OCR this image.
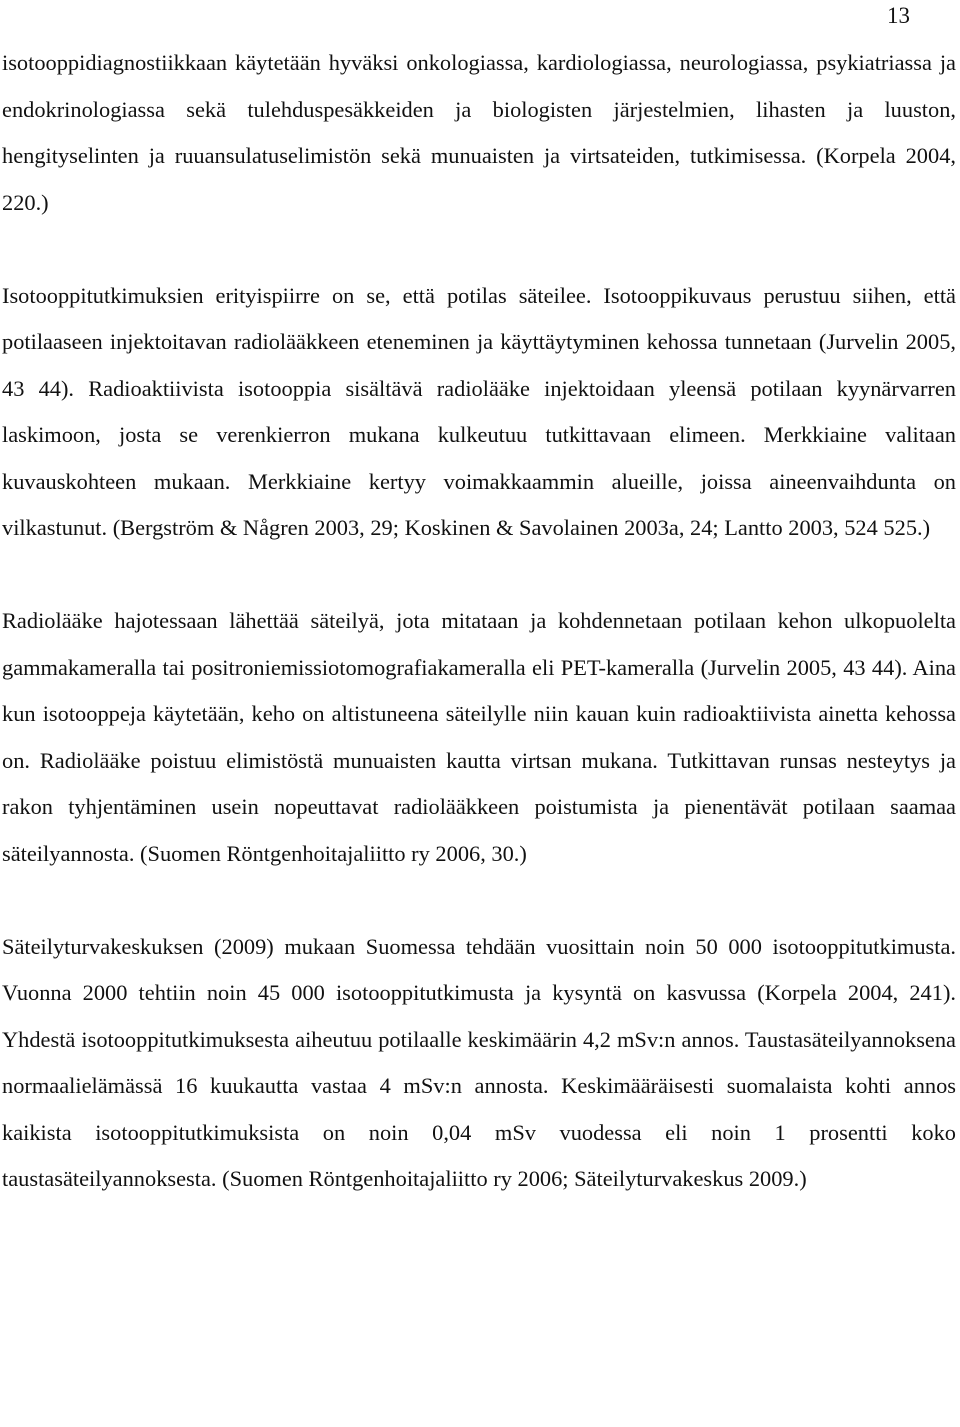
13

isotooppidiagnostiikkaan käytetään hyväksi onkologiassa, kardiologiassa, neurologiassa, psykiatriassa ja endokrinologiassa sekä tulehduspesäkkeiden ja biologisten järjestelmien, lihasten ja luuston, hengityselinten ja ruuansulatuselimistön sekä munuaisten ja virtsateiden, tutkimisessa. (Korpela 2004, 220.)

Isotooppitutkimuksien erityispiirre on se, että potilas säteilee. Isotooppikuvaus perustuu siihen, että potilaaseen injektoitavan radiolääkkeen eteneminen ja käyttäytyminen kehossa tunnetaan (Jurvelin 2005, 43 44). Radioaktiivista isotooppia sisältävä radiolääke injektoidaan yleensä potilaan kyynärvarren laskimoon, josta se verenkierron mukana kulkeutuu tutkittavaan elimeen. Merkkiaine valitaan kuvauskohteen mukaan. Merkkiaine kertyy voimakkaammin alueille, joissa aineenvaihdunta on vilkastunut. (Bergström & Någren 2003, 29; Koskinen & Savolainen 2003a, 24; Lantto 2003, 524 525.)

Radiolääke hajotessaan lähettää säteilyä, jota mitataan ja kohdennetaan potilaan kehon ulkopuolelta gammakameralla tai positroniemissiotomografiakameralla eli PET-kameralla (Jurvelin 2005, 43 44). Aina kun isotooppeja käytetään, keho on altistuneena säteilylle niin kauan kuin radioaktiivista ainetta kehossa on. Radiolääke poistuu elimistöstä munuaisten kautta virtsan mukana. Tutkittavan runsas nesteytys ja rakon tyhjentäminen usein nopeuttavat radiolääkkeen poistumista ja pienentävät potilaan saamaa säteilyannosta. (Suomen Röntgenhoitajaliitto ry 2006, 30.)

Säteilyturvakeskuksen (2009) mukaan Suomessa tehdään vuosittain noin 50 000 isotooppitutkimusta. Vuonna 2000 tehtiin noin 45 000 isotooppitutkimusta ja kysyntä on kasvussa (Korpela 2004, 241). Yhdestä isotooppitutkimuksesta aiheutuu potilaalle keskimäärin 4,2 mSv:n annos. Taustasäteilyannoksena normaalielämässä 16 kuukautta vastaa 4 mSv:n annosta. Keskimääräisesti suomalaista kohti annos kaikista isotooppitutkimuksista on noin 0,04 mSv vuodessa eli noin 1 prosentti koko taustasäteilyannoksesta. (Suomen Röntgenhoitajaliitto ry 2006; Säteilyturvakeskus 2009.)
